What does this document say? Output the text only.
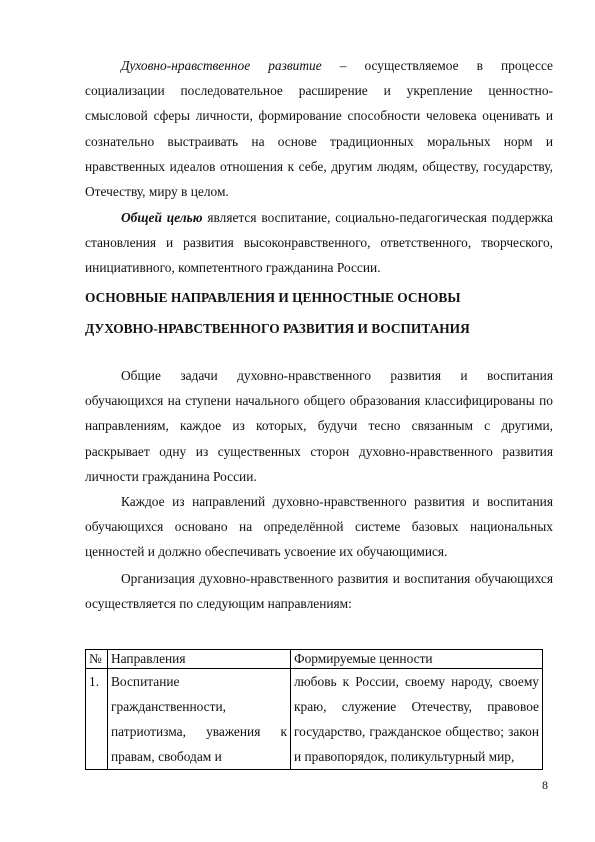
Духовно-нравственное развитие – осуществляемое в процессе социализации последовательное расширение и укрепление ценностно-смысловой сферы личности, формирование способности человека оценивать и сознательно выстраивать на основе традиционных моральных норм и нравственных идеалов отношения к себе, другим людям, обществу, государству, Отечеству, миру в целом.
Общей целью является воспитание, социально-педагогическая поддержка становления и развития высоконравственного, ответственного, творческого, инициативного, компетентного гражданина России.
ОСНОВНЫЕ НАПРАВЛЕНИЯ И ЦЕННОСТНЫЕ ОСНОВЫ
ДУХОВНО-НРАВСТВЕННОГО РАЗВИТИЯ И ВОСПИТАНИЯ
Общие задачи духовно-нравственного развития и воспитания обучающихся на ступени начального общего образования классифицированы по направлениям, каждое из которых, будучи тесно связанным с другими, раскрывает одну из существенных сторон духовно-нравственного развития личности гражданина России.
Каждое из направлений духовно-нравственного развития и воспитания обучающихся основано на определённой системе базовых национальных ценностей и должно обеспечивать усвоение их обучающимися.
Организация духовно-нравственного развития и воспитания обучающихся осуществляется по следующим направлениям:
№	Направления	Формируемые ценности
1.	Воспитание гражданственности, патриотизма, уважения к правам, свободам и	любовь к России, своему народу, своему краю, служение Отечеству, правовое государство, гражданское общество; закон и правопорядок, поликультурный мир,
8
